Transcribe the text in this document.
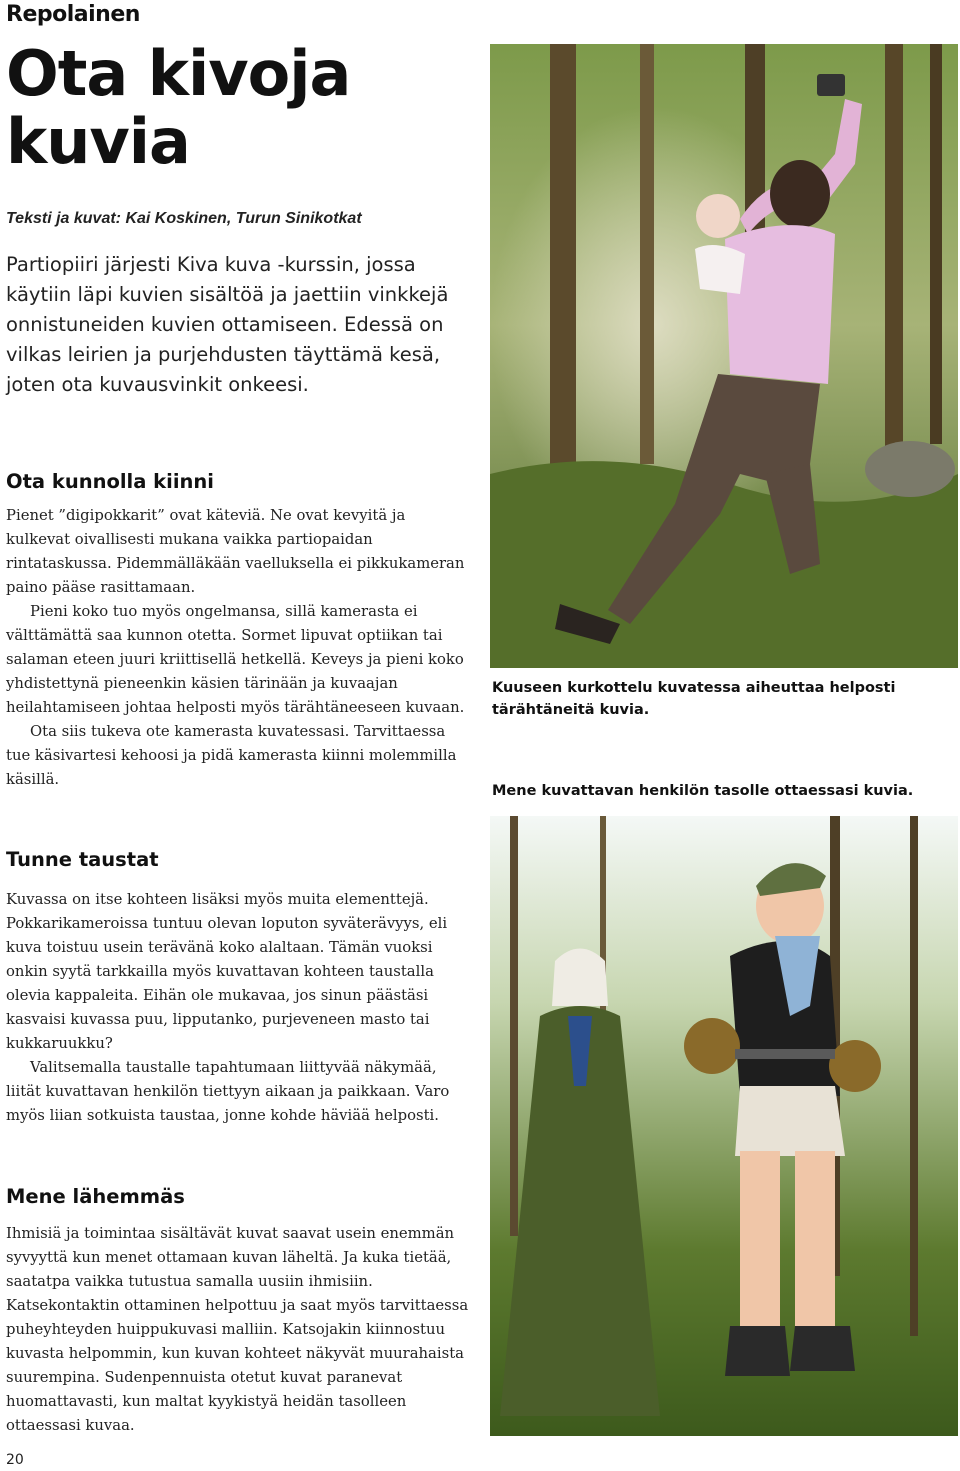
Repolainen
Ota kivoja kuvia
Teksti ja kuvat: Kai Koskinen, Turun Sinikotkat

Partiopiiri järjesti Kiva kuva -kurssin, jossa käytiin läpi kuvien sisältöä ja jaettiin vinkkejä onnistuneiden kuvien ottamiseen. Edessä on vilkas leirien ja purjehdusten täyttämä kesä, joten ota kuvausvinkit onkeesi.

Ota kunnolla kiinni

Pienet ”digipokkarit” ovat käteviä. Ne ovat kevyitä ja kulkevat oivallisesti mukana vaikka partiopaidan rintataskussa. Pidemmälläkään vaelluksella ei pikkukameran paino pääse rasittamaan.

Pieni koko tuo myös ongelmansa, sillä kamerasta ei välttämättä saa kunnon otetta. Sormet lipuvat optiikan tai salaman eteen juuri kriittisellä hetkellä. Keveys ja pieni koko yhdistettynä pieneenkin käsien tärinään ja kuvaajan heilahtamiseen johtaa helposti myös tärähtäneeseen kuvaan.

Ota siis tukeva ote kamerasta kuvatessasi. Tarvittaessa tue käsivartesi kehoosi ja pidä kamerasta kiinni molemmilla käsillä.

Tunne taustat

Kuvassa on itse kohteen lisäksi myös muita elementtejä. Pokkarikameroissa tuntuu olevan loputon syväterävyys, eli kuva toistuu usein terävänä koko alaltaan. Tämän vuoksi onkin syytä tarkkailla myös kuvattavan kohteen taustalla olevia kappaleita. Eihän ole mukavaa, jos sinun päästäsi kasvaisi kuvassa puu, lipputanko, purjeveneen masto tai kukkaruukku?

Valitsemalla taustalle tapahtumaan liittyvää näkymää, liität kuvattavan henkilön tiettyyn aikaan ja paikkaan. Varo myös liian sotkuista taustaa, jonne kohde häviää helposti.

Mene lähemmäs

Ihmisiä ja toimintaa sisältävät kuvat saavat usein enemmän syvyyttä kun menet ottamaan kuvan läheltä. Ja kuka tietää, saatatpa vaikka tutustua samalla uusiin ihmisiin. Katsekontaktin ottaminen helpottuu ja saat myös tarvittaessa puheyhteyden huippukuvasi malliin. Katsojakin kiinnostuu kuvasta helpommin, kun kuvan kohteet näkyvät muurahaista suurempina. Sudenpennuista otetut kuvat paranevat huomattavasti, kun maltat kyykistyä heidän tasolleen ottaessasi kuvaa.

Kuuseen kurkottelu kuvatessa aiheuttaa helposti tärähtäneitä kuvia.
Mene kuvattavan henkilön tasolle ottaessasi kuvia.
20
